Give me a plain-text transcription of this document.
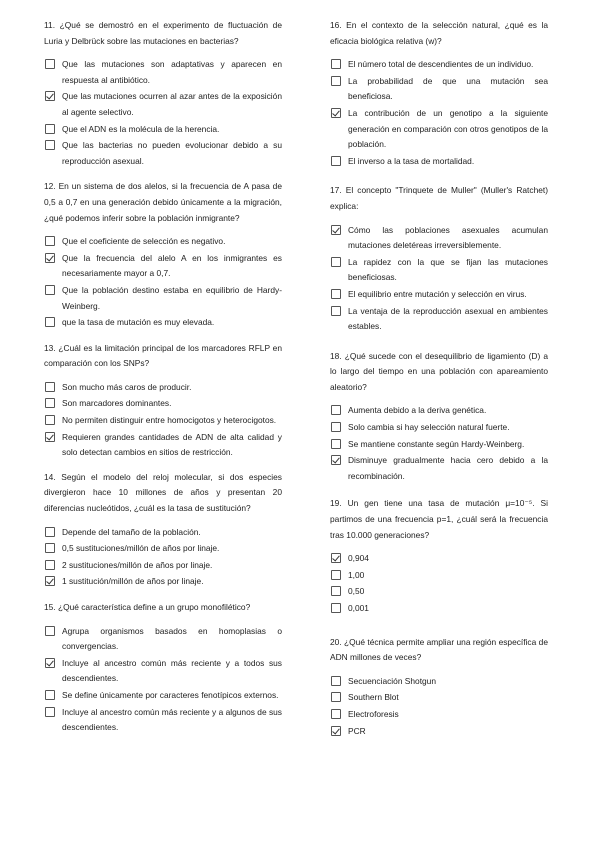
11. ¿Qué se demostró en el experimento de fluctuación de Luria y Delbrück sobre las mutaciones en bacterias?
Que las mutaciones son adaptativas y aparecen en respuesta al antibiótico.
Que las mutaciones ocurren al azar antes de la exposición al agente selectivo.
Que el ADN es la molécula de la herencia.
Que las bacterias no pueden evolucionar debido a su reproducción asexual.
12. En un sistema de dos alelos, si la frecuencia de A pasa de 0,5 a 0,7 en una generación debido únicamente a la migración, ¿qué podemos inferir sobre la población inmigrante?
Que el coeficiente de selección es negativo.
Que la frecuencia del alelo A en los inmigrantes es necesariamente mayor a 0,7.
Que la población destino estaba en equilibrio de Hardy-Weinberg.
que la tasa de mutación es muy elevada.
13. ¿Cuál es la limitación principal de los marcadores RFLP en comparación con los SNPs?
Son mucho más caros de producir.
Son marcadores dominantes.
No permiten distinguir entre homocigotos y heterocigotos.
Requieren grandes cantidades de ADN de alta calidad y solo detectan cambios en sitios de restricción.
14. Según el modelo del reloj molecular, si dos especies divergieron hace 10 millones de años y presentan 20 diferencias nucleótidos, ¿cuál es la tasa de sustitución?
Depende del tamaño de la población.
0,5 sustituciones/millón de años por linaje.
2 sustituciones/millón de años por linaje.
1 sustitución/millón de años por linaje.
15. ¿Qué característica define a un grupo monofilético?
Agrupa organismos basados en homoplasias o convergencias.
Incluye al ancestro común más reciente y a todos sus descendientes.
Se define únicamente por caracteres fenotípicos externos.
Incluye al ancestro común más reciente y a algunos de sus descendientes.
16. En el contexto de la selección natural, ¿qué es la eficacia biológica relativa (w)?
El número total de descendientes de un individuo.
La probabilidad de que una mutación sea beneficiosa.
La contribución de un genotipo a la siguiente generación en comparación con otros genotipos de la población.
El inverso a la tasa de mortalidad.
17. El concepto "Trinquete de Muller" (Muller's Ratchet) explica:
Cómo las poblaciones asexuales acumulan mutaciones deletéreas irreversiblemente.
La rapidez con la que se fijan las mutaciones beneficiosas.
El equilibrio entre mutación y selección en virus.
La ventaja de la reproducción asexual en ambientes estables.
18. ¿Qué sucede con el desequilibrio de ligamiento (D) a lo largo del tiempo en una población con apareamiento aleatorio?
Aumenta debido a la deriva genética.
Solo cambia si hay selección natural fuerte.
Se mantiene constante según Hardy-Weinberg.
Disminuye gradualmente hacia cero debido a la recombinación.
19. Un gen tiene una tasa de mutación μ=10⁻⁵. Si partimos de una frecuencia p=1, ¿cuál será la frecuencia tras 10.000 generaciones?
0,904
1,00
0,50
0,001
20. ¿Qué técnica permite ampliar una región específica de ADN millones de veces?
Secuenciación Shotgun
Southern Blot
Electroforesis
PCR
